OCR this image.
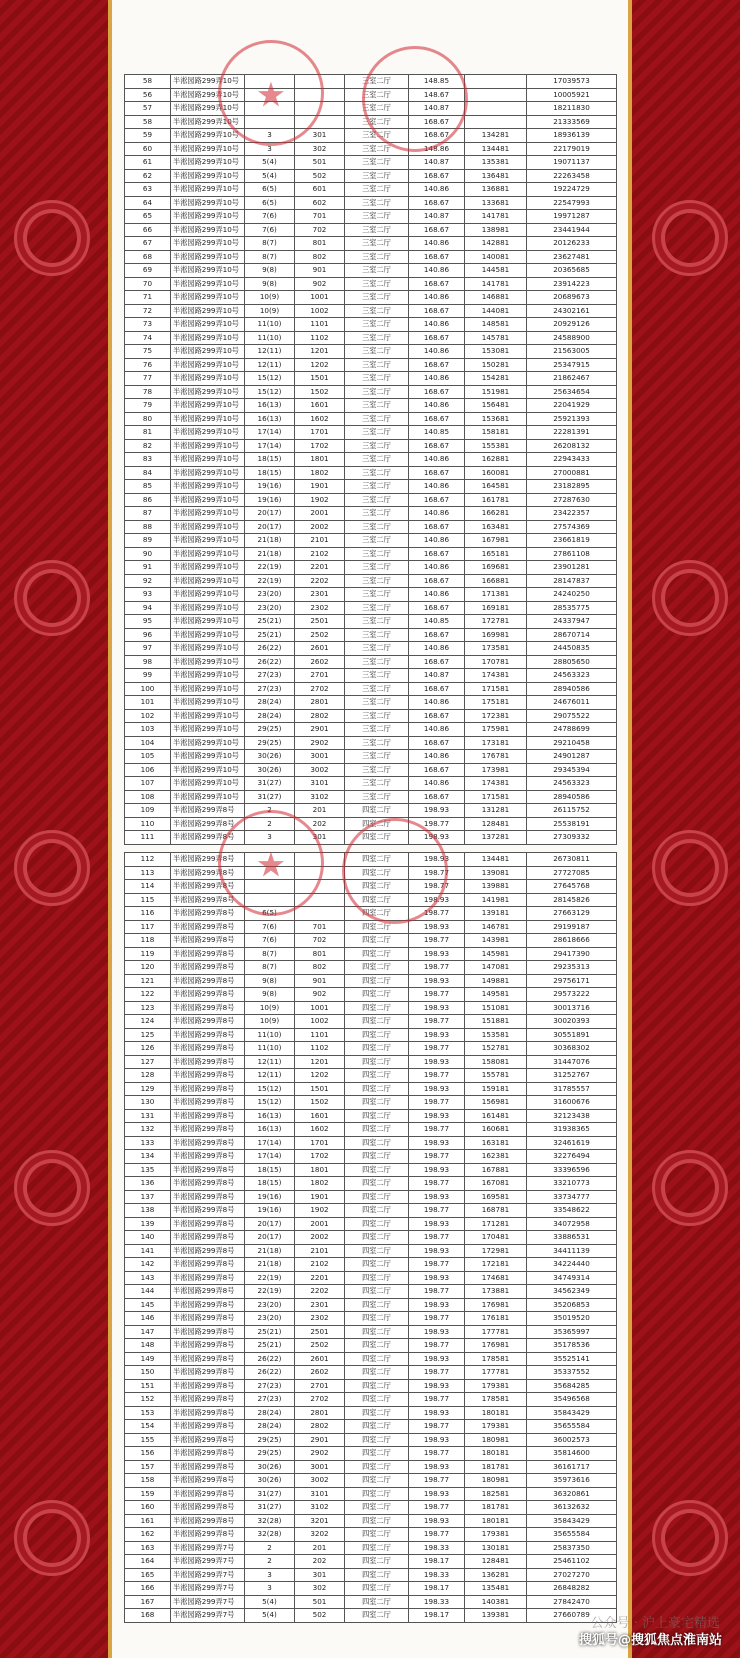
58	半淞园路299弄10号			三室二厅	148.85		17039573
56	半淞园路299弄10号			三室二厅	148.67		10005921
57	半淞园路299弄10号			三室二厅	140.87		18211830
58	半淞园路299弄10号			三室二厅	168.67		21333569
59	半淞园路299弄10号	3	301	三室二厅	168.67	134281	18936139
60	半淞园路299弄10号	3	302	三室二厅	148.86	134481	22179019
61	半淞园路299弄10号	5(4)	501	三室二厅	140.87	135381	19071137
62	半淞园路299弄10号	5(4)	502	三室二厅	168.67	136481	22263458
63	半淞园路299弄10号	6(5)	601	三室二厅	140.86	136881	19224729
64	半淞园路299弄10号	6(5)	602	三室二厅	168.67	133681	22547993
65	半淞园路299弄10号	7(6)	701	三室二厅	140.87	141781	19971287
66	半淞园路299弄10号	7(6)	702	三室二厅	168.67	138981	23441944
67	半淞园路299弄10号	8(7)	801	三室二厅	140.86	142881	20126233
68	半淞园路299弄10号	8(7)	802	三室二厅	168.67	140081	23627481
69	半淞园路299弄10号	9(8)	901	三室二厅	140.86	144581	20365685
70	半淞园路299弄10号	9(8)	902	三室二厅	168.67	141781	23914223
71	半淞园路299弄10号	10(9)	1001	三室二厅	140.86	146881	20689673
72	半淞园路299弄10号	10(9)	1002	三室二厅	168.67	144081	24302161
73	半淞园路299弄10号	11(10)	1101	三室二厅	140.86	148581	20929126
74	半淞园路299弄10号	11(10)	1102	三室二厅	168.67	145781	24588900
75	半淞园路299弄10号	12(11)	1201	三室二厅	140.86	153081	21563005
76	半淞园路299弄10号	12(11)	1202	三室二厅	168.67	150281	25347915
77	半淞园路299弄10号	15(12)	1501	三室二厅	140.86	154281	21862467
78	半淞园路299弄10号	15(12)	1502	三室二厅	168.67	151981	25634654
79	半淞园路299弄10号	16(13)	1601	三室二厅	140.86	156481	22041929
80	半淞园路299弄10号	16(13)	1602	三室二厅	168.67	153681	25921393
81	半淞园路299弄10号	17(14)	1701	三室二厅	140.85	158181	22281391
82	半淞园路299弄10号	17(14)	1702	三室二厅	168.67	155381	26208132
83	半淞园路299弄10号	18(15)	1801	三室二厅	140.86	162881	22943433
84	半淞园路299弄10号	18(15)	1802	三室二厅	168.67	160081	27000881
85	半淞园路299弄10号	19(16)	1901	三室二厅	140.86	164581	23182895
86	半淞园路299弄10号	19(16)	1902	三室二厅	168.67	161781	27287630
87	半淞园路299弄10号	20(17)	2001	三室二厅	140.86	166281	23422357
88	半淞园路299弄10号	20(17)	2002	三室二厅	168.67	163481	27574369
89	半淞园路299弄10号	21(18)	2101	三室二厅	140.86	167981	23661819
90	半淞园路299弄10号	21(18)	2102	三室二厅	168.67	165181	27861108
91	半淞园路299弄10号	22(19)	2201	三室二厅	140.86	169681	23901281
92	半淞园路299弄10号	22(19)	2202	三室二厅	168.67	166881	28147837
93	半淞园路299弄10号	23(20)	2301	三室二厅	140.86	171381	24240250
94	半淞园路299弄10号	23(20)	2302	三室二厅	168.67	169181	28535775
95	半淞园路299弄10号	25(21)	2501	三室二厅	140.85	172781	24337947
96	半淞园路299弄10号	25(21)	2502	三室二厅	168.67	169981	28670714
97	半淞园路299弄10号	26(22)	2601	三室二厅	140.86	173581	24450835
98	半淞园路299弄10号	26(22)	2602	三室二厅	168.67	170781	28805650
99	半淞园路299弄10号	27(23)	2701	三室二厅	140.87	174381	24563323
100	半淞园路299弄10号	27(23)	2702	三室二厅	168.67	171581	28940586
101	半淞园路299弄10号	28(24)	2801	三室二厅	140.86	175181	24676011
102	半淞园路299弄10号	28(24)	2802	三室二厅	168.67	172381	29075522
103	半淞园路299弄10号	29(25)	2901	三室二厅	140.86	175981	24788699
104	半淞园路299弄10号	29(25)	2902	三室二厅	168.67	173181	29210458
105	半淞园路299弄10号	30(26)	3001	三室二厅	140.86	176781	24901287
106	半淞园路299弄10号	30(26)	3002	三室二厅	168.67	173981	29345394
107	半淞园路299弄10号	31(27)	3101	三室二厅	140.86	174381	24563323
108	半淞园路299弄10号	31(27)	3102	三室二厅	168.67	171581	28940586
109	半淞园路299弄8号	2	201	四室二厅	198.93	131281	26115752
110	半淞园路299弄8号	2	202	四室二厅	198.77	128481	25538191
111	半淞园路299弄8号	3	301	四室二厅	198.93	137281	27309332
112	半淞园路299弄8号			四室二厅	198.93	134481	26730811
113	半淞园路299弄8号			四室二厅	198.77	139081	27727085
114	半淞园路299弄8号			四室二厅	198.77	139881	27645768
115	半淞园路299弄8号			四室二厅	198.93	141981	28145826
116	半淞园路299弄8号	6(5)		四室二厅	198.77	139181	27663129
117	半淞园路299弄8号	7(6)	701	四室二厅	198.93	146781	29199187
118	半淞园路299弄8号	7(6)	702	四室二厅	198.77	143981	28618666
119	半淞园路299弄8号	8(7)	801	四室二厅	198.93	145981	29417390
120	半淞园路299弄8号	8(7)	802	四室二厅	198.77	147081	29235313
121	半淞园路299弄8号	9(8)	901	四室二厅	198.93	149881	29756171
122	半淞园路299弄8号	9(8)	902	四室二厅	198.77	149581	29573222
123	半淞园路299弄8号	10(9)	1001	四室二厅	198.93	151081	30013716
124	半淞园路299弄8号	10(9)	1002	四室二厅	198.77	151881	30020393
125	半淞园路299弄8号	11(10)	1101	四室二厅	198.93	153581	30551891
126	半淞园路299弄8号	11(10)	1102	四室二厅	198.77	152781	30368302
127	半淞园路299弄8号	12(11)	1201	四室二厅	198.93	158081	31447076
128	半淞园路299弄8号	12(11)	1202	四室二厅	198.77	155781	31252767
129	半淞园路299弄8号	15(12)	1501	四室二厅	198.93	159181	31785557
130	半淞园路299弄8号	15(12)	1502	四室二厅	198.77	156981	31600676
131	半淞园路299弄8号	16(13)	1601	四室二厅	198.93	161481	32123438
132	半淞园路299弄8号	16(13)	1602	四室二厅	198.77	160681	31938365
133	半淞园路299弄8号	17(14)	1701	四室二厅	198.93	163181	32461619
134	半淞园路299弄8号	17(14)	1702	四室二厅	198.77	162381	32276494
135	半淞园路299弄8号	18(15)	1801	四室二厅	198.93	167881	33396596
136	半淞园路299弄8号	18(15)	1802	四室二厅	198.77	167081	33210773
137	半淞园路299弄8号	19(16)	1901	四室二厅	198.93	169581	33734777
138	半淞园路299弄8号	19(16)	1902	四室二厅	198.77	168781	33548622
139	半淞园路299弄8号	20(17)	2001	四室二厅	198.93	171281	34072958
140	半淞园路299弄8号	20(17)	2002	四室二厅	198.77	170481	33886531
141	半淞园路299弄8号	21(18)	2101	四室二厅	198.93	172981	34411139
142	半淞园路299弄8号	21(18)	2102	四室二厅	198.77	172181	34224440
143	半淞园路299弄8号	22(19)	2201	四室二厅	198.93	174681	34749314
144	半淞园路299弄8号	22(19)	2202	四室二厅	198.77	173881	34562349
145	半淞园路299弄8号	23(20)	2301	四室二厅	198.93	176981	35206853
146	半淞园路299弄8号	23(20)	2302	四室二厅	198.77	176181	35019520
147	半淞园路299弄8号	25(21)	2501	四室二厅	198.93	177781	35365997
148	半淞园路299弄8号	25(21)	2502	四室二厅	198.77	176981	35178536
149	半淞园路299弄8号	26(22)	2601	四室二厅	198.93	178581	35525141
150	半淞园路299弄8号	26(22)	2602	四室二厅	198.77	177781	35337552
151	半淞园路299弄8号	27(23)	2701	四室二厅	198.93	179381	35684285
152	半淞园路299弄8号	27(23)	2702	四室二厅	198.77	178581	35496568
153	半淞园路299弄8号	28(24)	2801	四室二厅	198.93	180181	35843429
154	半淞园路299弄8号	28(24)	2802	四室二厅	198.77	179381	35655584
155	半淞园路299弄8号	29(25)	2901	四室二厅	198.93	180981	36002573
156	半淞园路299弄8号	29(25)	2902	四室二厅	198.77	180181	35814600
157	半淞园路299弄8号	30(26)	3001	四室二厅	198.93	181781	36161717
158	半淞园路299弄8号	30(26)	3002	四室二厅	198.77	180981	35973616
159	半淞园路299弄8号	31(27)	3101	四室二厅	198.93	182581	36320861
160	半淞园路299弄8号	31(27)	3102	四室二厅	198.77	181781	36132632
161	半淞园路299弄8号	32(28)	3201	四室二厅	198.93	180181	35843429
162	半淞园路299弄8号	32(28)	3202	四室二厅	198.77	179381	35655584
163	半淞园路299弄7号	2	201	四室二厅	198.33	130181	25837350
164	半淞园路299弄7号	2	202	四室二厅	198.17	128481	25461102
165	半淞园路299弄7号	3	301	四室二厅	198.33	136281	27027270
166	半淞园路299弄7号	3	302	四室二厅	198.17	135481	26848282
167	半淞园路299弄7号	5(4)	501	四室二厅	198.33	140381	27842470
168	半淞园路299弄7号	5(4)	502	四室二厅	198.17	139381	27660789
★
★
公众号 · 沪上豪宅精选
搜狐号@搜狐焦点淮南站
